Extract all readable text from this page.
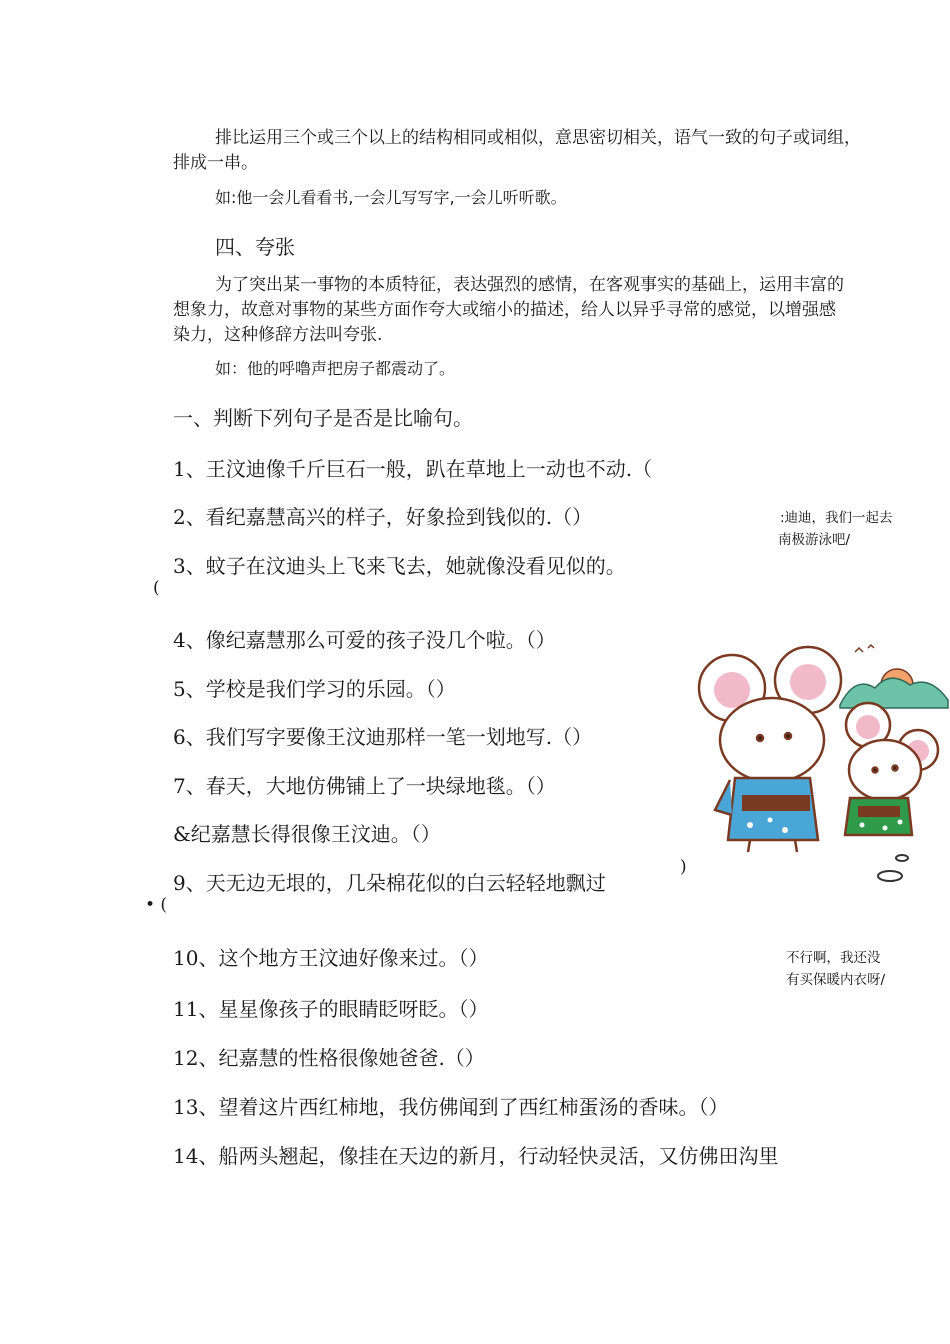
排比运用三个或三个以上的结构相同或相似，意思密切相关，语气一致的句子或词组，
排成一串。
如:他一会儿看看书,一会儿写写字,一会儿听听歌。
四、夸张
为了突出某一事物的本质特征，表达强烈的感情，在客观事实的基础上，运用丰富的
想象力，故意对事物的某些方面作夸大或缩小的描述，给人以异乎寻常的感觉，以增强感
染力，这种修辞方法叫夸张.
如：他的呼噜声把房子都震动了。
一、判断下列句子是否是比喻句。
1、王汶迪像千斤巨石一般，趴在草地上一动也不动.（
2、看纪嘉慧高兴的样子，好象捡到钱似的.（）
3、蚊子在汶迪头上飞来飞去，她就像没看见似的。
(
4、像纪嘉慧那么可爱的孩子没几个啦。（）
5、学校是我们学习的乐园。（）
6、我们写字要像王汶迪那样一笔一划地写.（）
7、春天，大地仿佛铺上了一块绿地毯。（）
&纪嘉慧长得很像王汶迪。（）
9、天无边无垠的，几朵棉花似的白云轻轻地飘过
)
• (
10、这个地方王汶迪好像来过。（）
11、星星像孩子的眼睛眨呀眨。（）
12、纪嘉慧的性格很像她爸爸.（）
13、望着这片西红柿地，我仿佛闻到了西红柿蛋汤的香味。（）
14、船两头翘起，像挂在天边的新月，行动轻快灵活，又仿佛田沟里
:迪迪，我们一起去
南极游泳吧/
不行啊，我还没
有买保暖内衣呀/
